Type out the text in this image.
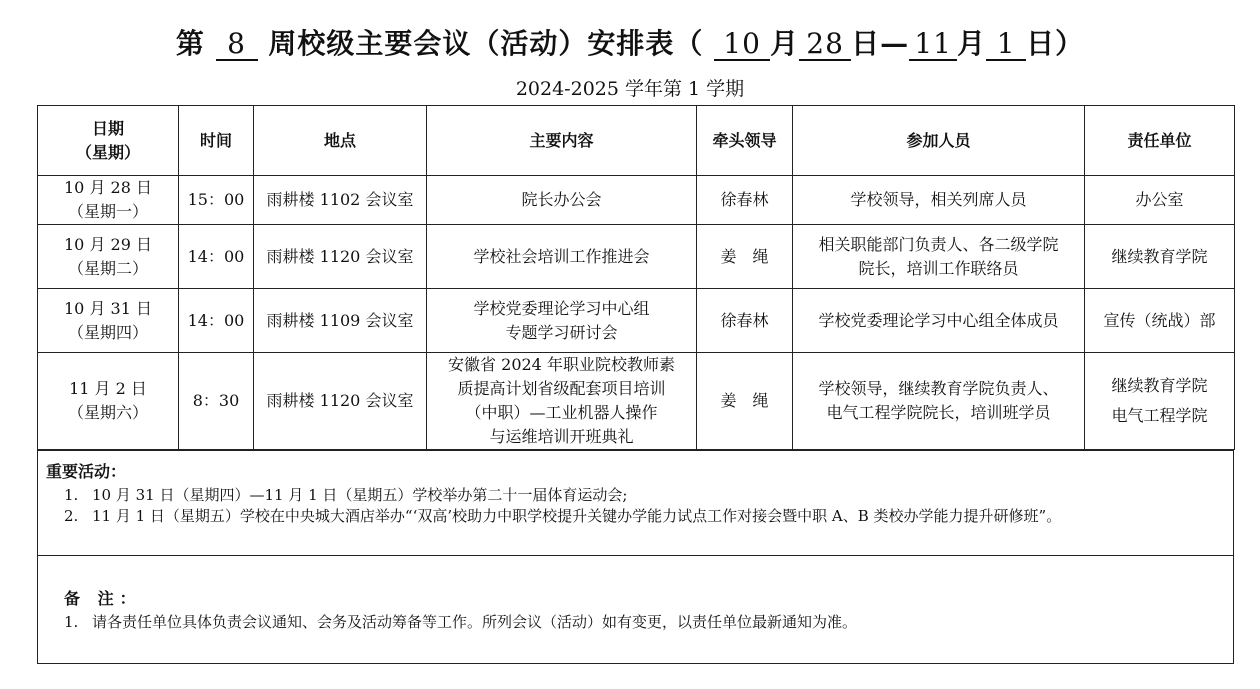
第 8 周校级主要会议（活动）安排表（ 10 月 28 日— 11 月 1 日）
2024-2025 学年第 1 学期
日期
（星期）	时间	地点	主要内容	牵头领导	参加人员	责任单位

10 月 28 日
（星期一）	15：00	雨耕楼 1102 会议室	院长办公会	徐春林	学校领导，相关列席人员	办公室

10 月 29 日
（星期二）	14：00	雨耕楼 1120 会议室	学校社会培训工作推进会	姜　绳	相关职能部门负责人、各二级学院
院长，培训工作联络员	继续教育学院

10 月 31 日
（星期四）	14：00	雨耕楼 1109 会议室	学校党委理论学习中心组
专题学习研讨会	徐春林	学校党委理论学习中心组全体成员	宣传（统战）部

11 月 2 日
（星期六）	8：30	雨耕楼 1120 会议室	安徽省 2024 年职业院校教师素
质提高计划省级配套项目培训
（中职）—工业机器人操作
与运维培训开班典礼	姜　绳	学校领导，继续教育学院负责人、
电气工程学院院长，培训班学员	继续教育学院
电气工程学院
重要活动：
1. 10 月 31 日（星期四）—11 月 1 日（星期五）学校举办第二十一届体育运动会;
2. 11 月 1 日（星期五）学校在中央城大酒店举办“‘双高’校助力中职学校提升关键办学能力试点工作对接会暨中职 A、B 类校办学能力提升研修班”。
备 注：
1. 请各责任单位具体负责会议通知、会务及活动筹备等工作。所列会议（活动）如有变更，以责任单位最新通知为准。
